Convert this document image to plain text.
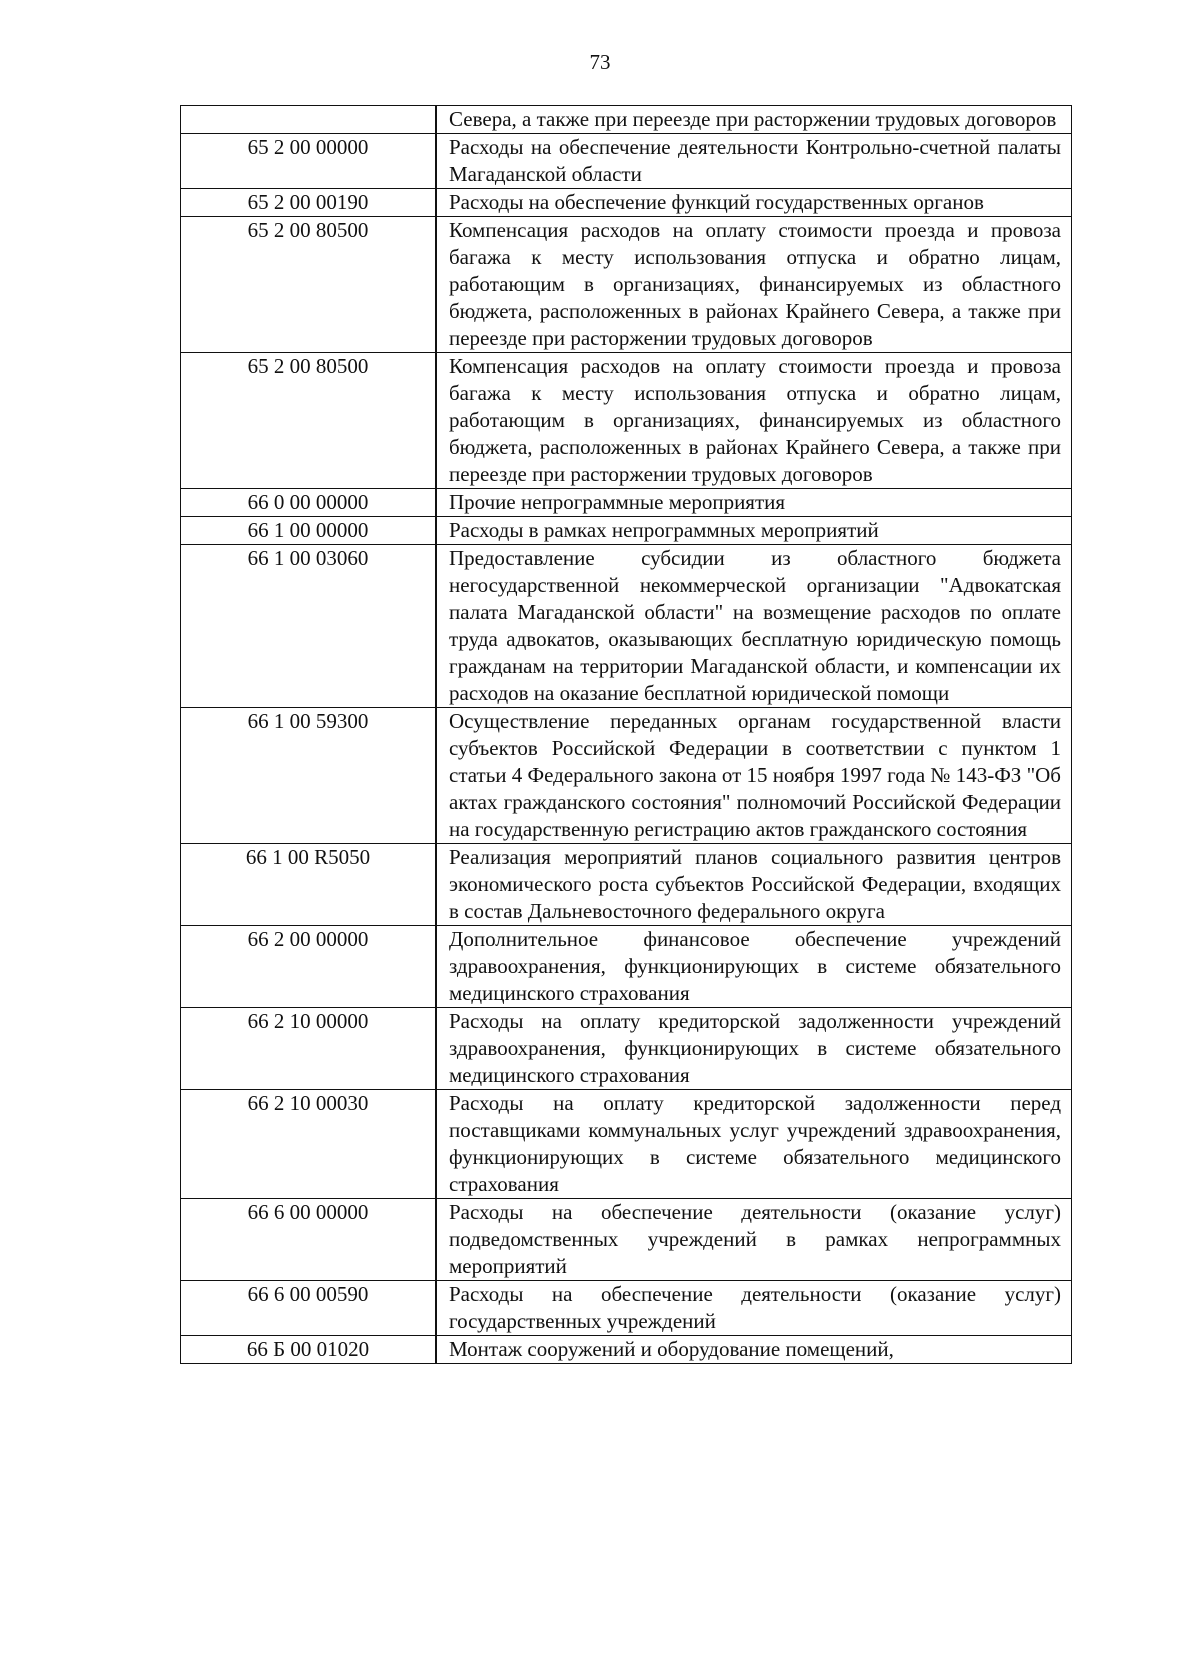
73

	Севера, а также при переезде при расторжении трудовых договоров

65 2 00 00000	Расходы на обеспечение деятельности Контрольно-счетной палаты Магаданской области

65 2 00 00190	Расходы на обеспечение функций государственных органов

65 2 00 80500	Компенсация расходов на оплату стоимости проезда и провоза багажа к месту использования отпуска и обратно лицам, работающим в организациях, финансируемых из областного бюджета, расположенных в районах Крайнего Севера, а также при переезде при расторжении трудовых договоров

65 2 00 80500	Компенсация расходов на оплату стоимости проезда и провоза багажа к месту использования отпуска и обратно лицам, работающим в организациях, финансируемых из областного бюджета, расположенных в районах Крайнего Севера, а также при переезде при расторжении трудовых договоров

66 0 00 00000	Прочие непрограммные мероприятия

66 1 00 00000	Расходы в рамках непрограммных мероприятий

66 1 00 03060	Предоставление субсидии из областного бюджета негосударственной некоммерческой организации "Адвокатская палата Магаданской области" на возмещение расходов по оплате труда адвокатов, оказывающих бесплатную юридическую помощь гражданам на территории Магаданской области, и компенсации их расходов на оказание бесплатной юридической помощи

66 1 00 59300	Осуществление переданных органам государственной власти субъектов Российской Федерации в соответствии с пунктом 1 статьи 4 Федерального закона от 15 ноября 1997 года № 143-ФЗ "Об актах гражданского состояния" полномочий Российской Федерации на государственную регистрацию актов гражданского состояния

66 1 00 R5050	Реализация мероприятий планов социального развития центров экономического роста субъектов Российской Федерации, входящих в состав Дальневосточного федерального округа

66 2 00 00000	Дополнительное финансовое обеспечение учреждений здравоохранения, функционирующих в системе обязательного медицинского страхования

66 2 10 00000	Расходы на оплату кредиторской задолженности учреждений здравоохранения, функционирующих в системе обязательного медицинского страхования

66 2 10 00030	Расходы на оплату кредиторской задолженности перед поставщиками коммунальных услуг учреждений здравоохранения, функционирующих в системе обязательного медицинского страхования

66 6 00 00000	Расходы на обеспечение деятельности (оказание услуг) подведомственных учреждений в рамках непрограммных мероприятий

66 6 00 00590	Расходы на обеспечение деятельности (оказание услуг) государственных учреждений

66 Б 00 01020	Монтаж сооружений и оборудование помещений,
